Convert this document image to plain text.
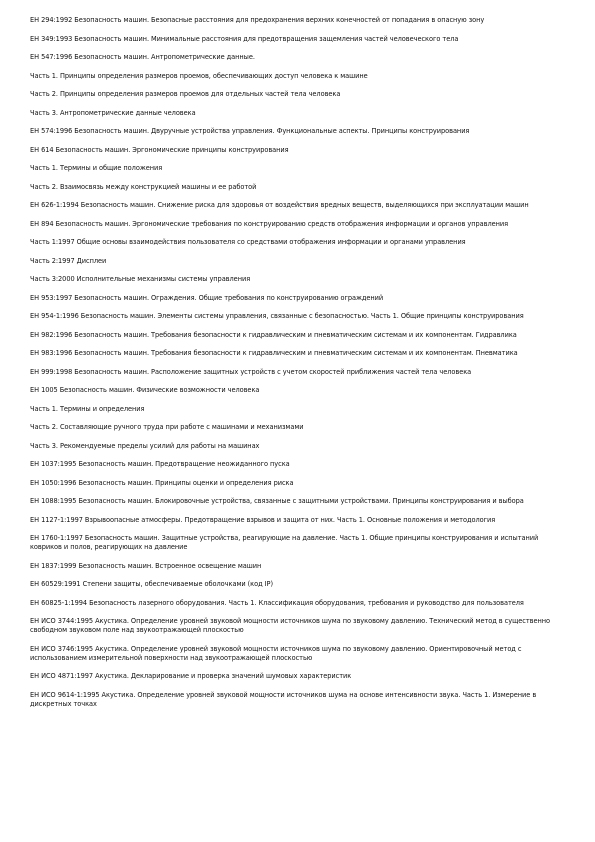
EH 294:1992 Безопасность машин. Безопасные расстояния для предохранения верхних конечностей от попадания в опасную зону

EH 349:1993 Безопасность машин. Минимальные расстояния для предотвращения защемления частей человеческого тела

EH 547:1996 Безопасность машин. Антропометрические данные.

Часть 1. Принципы определения размеров проемов, обеспечивающих доступ человека к машине

Часть 2. Принципы определения размеров проемов для отдельных частей тела человека

Часть 3. Антропометрические данные человека

EH 574:1996 Безопасность машин. Двуручные устройства управления. Функциональные аспекты. Принципы конструирования

EH 614 Безопасность машин. Эргономические принципы конструирования

Часть 1. Термины и общие положения

Часть 2. Взаимосвязь между конструкцией машины и ее работой

EH 626-1:1994 Безопасность машин. Снижение риска для здоровья от воздействия вредных веществ, выделяющихся при эксплуатации машин

EH 894 Безопасность машин. Эргономические требования по конструированию средств отображения информации и органов управления

Часть 1:1997 Общие основы взаимодействия пользователя со средствами отображения информации и органами управления

Часть 2:1997 Дисплеи

Часть 3:2000 Исполнительные механизмы системы управления

EH 953:1997 Безопасность машин. Ограждения. Общие требования по конструированию ограждений

EH 954-1:1996 Безопасность машин. Элементы системы управления, связанные с безопасностью. Часть 1. Общие принципы конструирования

EH 982:1996 Безопасность машин. Требования безопасности к гидравлическим и пневматическим системам и их компонентам. Гидравлика

EH 983:1996 Безопасность машин. Требования безопасности к гидравлическим и пневматическим системам и их компонентам. Пневматика

EH 999:1998 Безопасность машин. Расположение защитных устройств с учетом скоростей приближения частей тела человека

EH 1005 Безопасность машин. Физические возможности человека

Часть 1. Термины и определения

Часть 2. Составляющие ручного труда при работе с машинами и механизмами

Часть 3. Рекомендуемые пределы усилий для работы на машинах

EH 1037:1995 Безопасность машин. Предотвращение неожиданного пуска

EH 1050:1996 Безопасность машин. Принципы оценки и определения риска

EH 1088:1995 Безопасность машин. Блокировочные устройства, связанные с защитными устройствами. Принципы конструирования и выбора

EH 1127-1:1997 Взрывоопасные атмосферы. Предотвращение взрывов и защита от них. Часть 1. Основные положения и методология

EH 1760-1:1997 Безопасность машин. Защитные устройства, реагирующие на давление. Часть 1. Общие принципы конструирования и испытаний ковриков и полов, реагирующих на давление

EH 1837:1999 Безопасность машин. Встроенное освещение машин

EH 60529:1991 Степени защиты, обеспечиваемые оболочками (код IP)

EH 60825-1:1994 Безопасность лазерного оборудования. Часть 1. Классификация оборудования, требования и руководство для пользователя

EH ИСО 3744:1995 Акустика. Определение уровней звуковой мощности источников шума по звуковому давлению. Технический метод в существенно свободном звуковом поле над звукоотражающей плоскостью

EH ИСО 3746:1995 Акустика. Определение уровней звуковой мощности источников шума по звуковому давлению. Ориентировочный метод с использованием измерительной поверхности над звукоотражающей плоскостью

EH ИСО 4871:1997 Акустика. Декларирование и проверка значений шумовых характеристик

EH ИСО 9614-1:1995 Акустика. Определение уровней звуковой мощности источников шума на основе интенсивности звука. Часть 1. Измерение в дискретных точках
